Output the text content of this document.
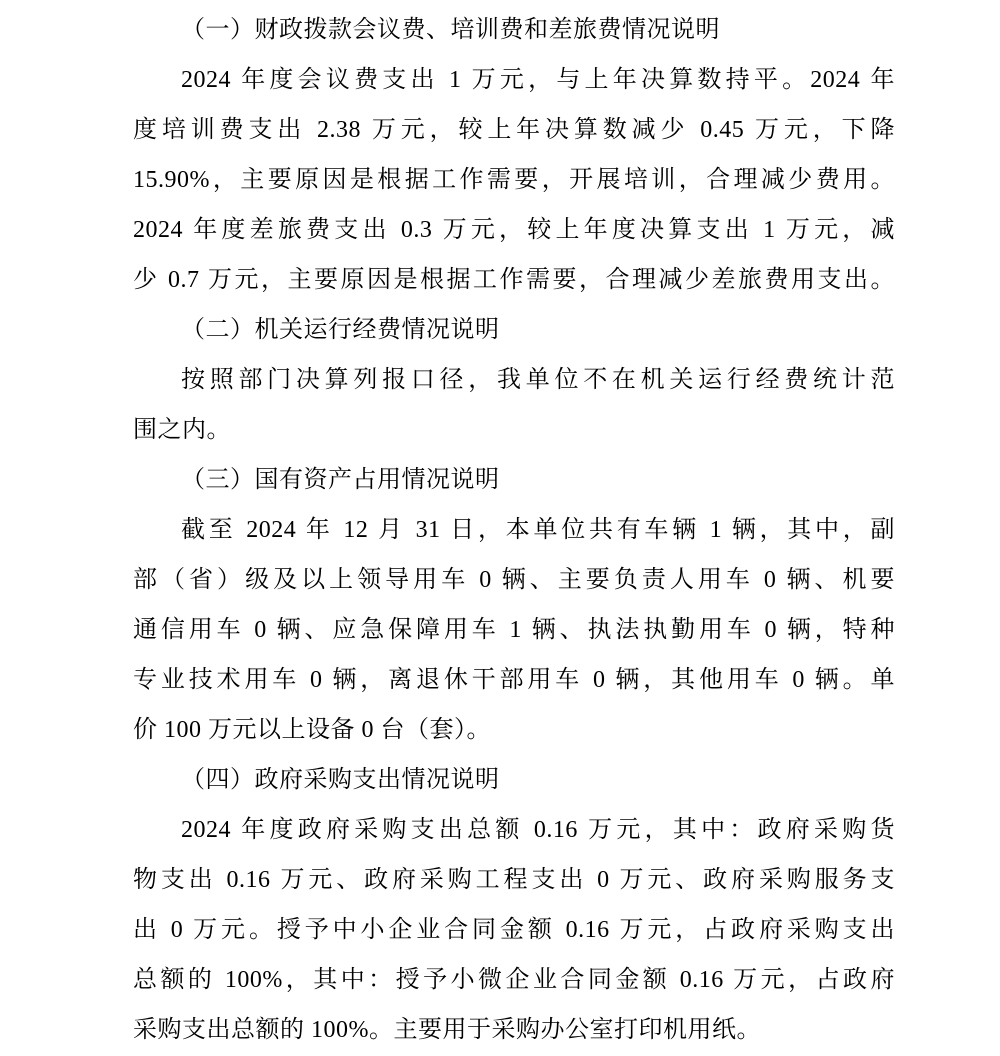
（一）财政拨款会议费、培训费和差旅费情况说明
2024 年度会议费支出 1 万元，与上年决算数持平。2024 年
度培训费支出 2.38 万元，较上年决算数减少 0.45 万元，下降
15.90%，主要原因是根据工作需要，开展培训，合理减少费用。
2024 年度差旅费支出 0.3 万元，较上年度决算支出 1 万元，减
少 0.7 万元，主要原因是根据工作需要，合理减少差旅费用支出。
（二）机关运行经费情况说明
按照部门决算列报口径，我单位不在机关运行经费统计范
围之内。
（三）国有资产占用情况说明
截至 2024 年 12 月 31 日，本单位共有车辆 1 辆，其中，副
部（省）级及以上领导用车 0 辆、主要负责人用车 0 辆、机要
通信用车 0 辆、应急保障用车 1 辆、执法执勤用车 0 辆，特种
专业技术用车 0 辆，离退休干部用车 0 辆，其他用车 0 辆。单
价 100 万元以上设备 0 台（套）。
（四）政府采购支出情况说明
2024 年度政府采购支出总额 0.16 万元，其中：政府采购货
物支出 0.16 万元、政府采购工程支出 0 万元、政府采购服务支
出 0 万元。授予中小企业合同金额 0.16 万元，占政府采购支出
总额的 100%，其中：授予小微企业合同金额 0.16 万元，占政府
采购支出总额的 100%。主要用于采购办公室打印机用纸。
